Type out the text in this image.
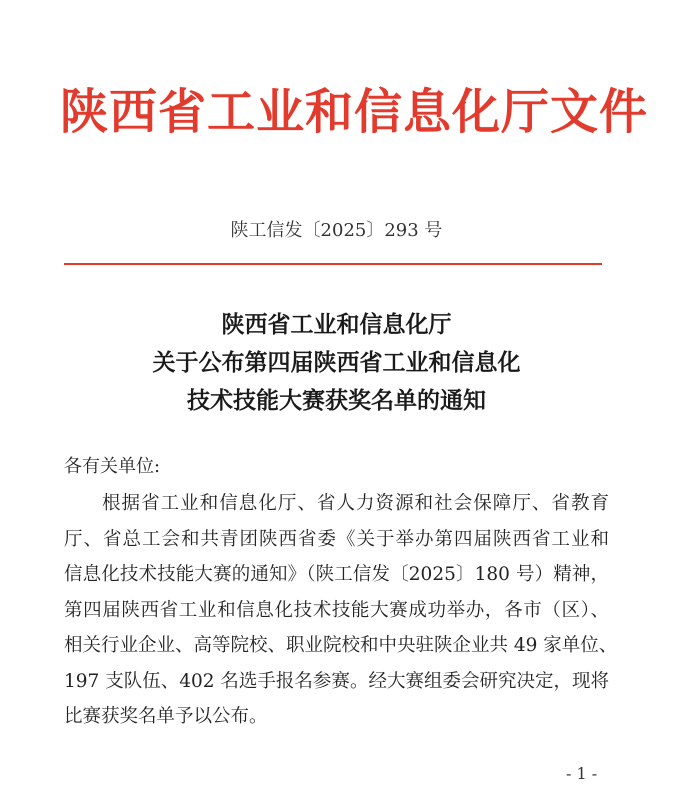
陕西省工业和信息化厅文件
陕工信发〔2025〕293 号
陕西省工业和信息化厅
关于公布第四届陕西省工业和信息化
技术技能大赛获奖名单的通知
各有关单位:
根据省工业和信息化厅、省人力资源和社会保障厅、省教育
厅、省总工会和共青团陕西省委《关于举办第四届陕西省工业和
信息化技术技能大赛的通知》（陕工信发〔2025〕180 号）精神，
第四届陕西省工业和信息化技术技能大赛成功举办，各市（区）、
相关行业企业、高等院校、职业院校和中央驻陕企业共 49 家单位、
197 支队伍、402 名选手报名参赛。经大赛组委会研究决定，现将
比赛获奖名单予以公布。
- 1 -
